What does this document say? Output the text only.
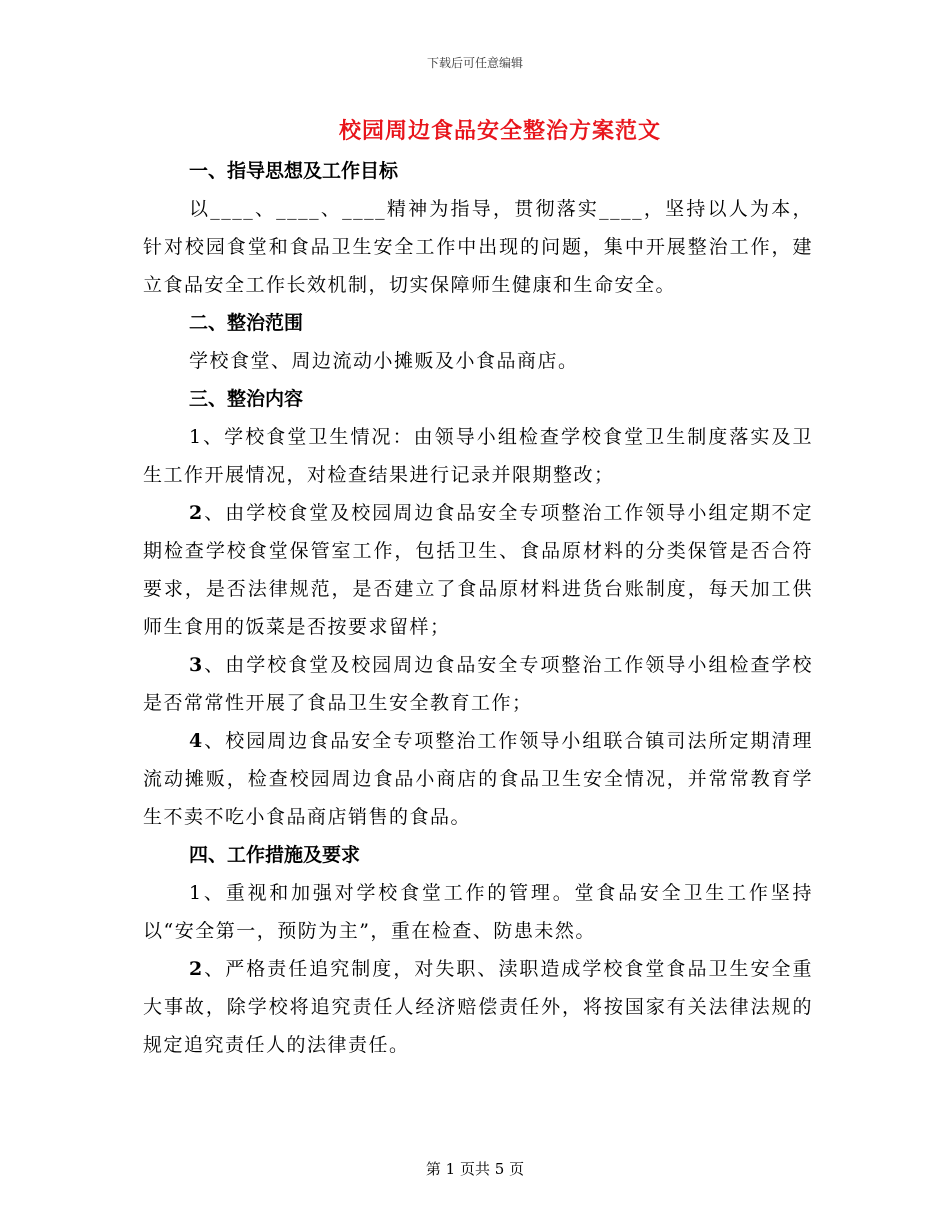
下载后可任意编辑
校园周边食品安全整治方案范文

一、指导思想及工作目标

以____、____、____精神为指导，贯彻落实____，坚持以人为本，针对校园食堂和食品卫生安全工作中出现的问题，集中开展整治工作，建立食品安全工作长效机制，切实保障师生健康和生命安全。

二、整治范围

学校食堂、周边流动小摊贩及小食品商店。

三、整治内容

1、学校食堂卫生情况：由领导小组检查学校食堂卫生制度落实及卫生工作开展情况，对检查结果进行记录并限期整改；

2、由学校食堂及校园周边食品安全专项整治工作领导小组定期不定期检查学校食堂保管室工作，包括卫生、食品原材料的分类保管是否合符要求，是否法律规范，是否建立了食品原材料进货台账制度，每天加工供师生食用的饭菜是否按要求留样；

3、由学校食堂及校园周边食品安全专项整治工作领导小组检查学校是否常常性开展了食品卫生安全教育工作；

4、校园周边食品安全专项整治工作领导小组联合镇司法所定期清理流动摊贩，检查校园周边食品小商店的食品卫生安全情况，并常常教育学生不卖不吃小食品商店销售的食品。

四、工作措施及要求

1、重视和加强对学校食堂工作的管理。堂食品安全卫生工作坚持以“安全第一，预防为主”，重在检查、防患未然。

2、严格责任追究制度，对失职、渎职造成学校食堂食品卫生安全重大事故，除学校将追究责任人经济赔偿责任外，将按国家有关法律法规的规定追究责任人的法律责任。

第 1 页共 5 页
